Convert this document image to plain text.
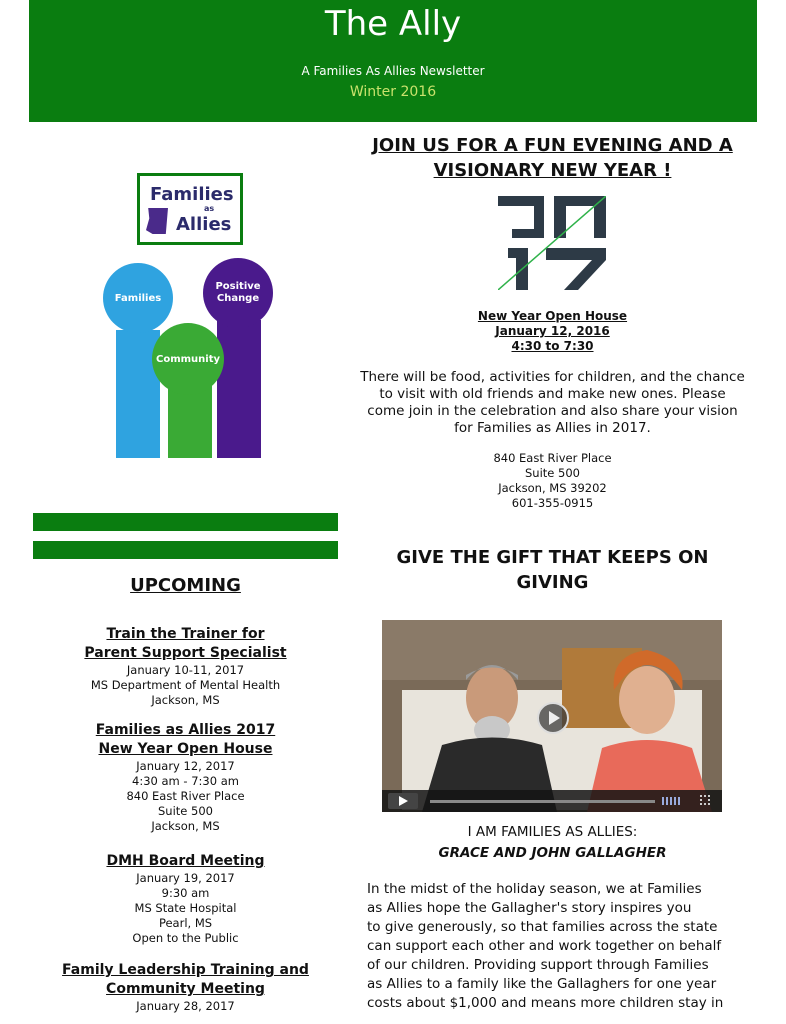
The Ally
A Families As Allies Newsletter
Winter 2016
Families
as
Allies
Families
Community
Positive Change
UPCOMING
Train the Trainer for
Parent Support Specialist
January 10-11, 2017
MS Department of Mental Health
Jackson, MS
Families as Allies 2017
New Year Open House
January 12, 2017
4:30 am - 7:30 am
840 East River Place
Suite 500
Jackson, MS
DMH Board Meeting
January 19, 2017
9:30 am
MS State Hospital
Pearl, MS
Open to the Public
Family Leadership Training and
Community Meeting
January 28, 2017
JOIN US FOR A FUN EVENING AND A
VISIONARY NEW YEAR !
New Year Open House
January 12, 2016
4:30 to 7:30
There will be food, activities for children, and the chance to visit with old friends and make new ones. Please come join in the celebration and also share your vision for Families as Allies in 2017.
840 East River Place
Suite 500
Jackson, MS 39202
601-355-0915
GIVE THE GIFT THAT KEEPS ON
GIVING
I AM FAMILIES AS ALLIES:
GRACE AND JOHN GALLAGHER
In the midst of the holiday season, we at Families
as Allies hope the Gallagher's story inspires you
to give generously, so that families across the state
can support each other and work together on behalf
of our children. Providing support through Families
as Allies to a family like the Gallaghers for one year
costs about $1,000 and means more children stay in
